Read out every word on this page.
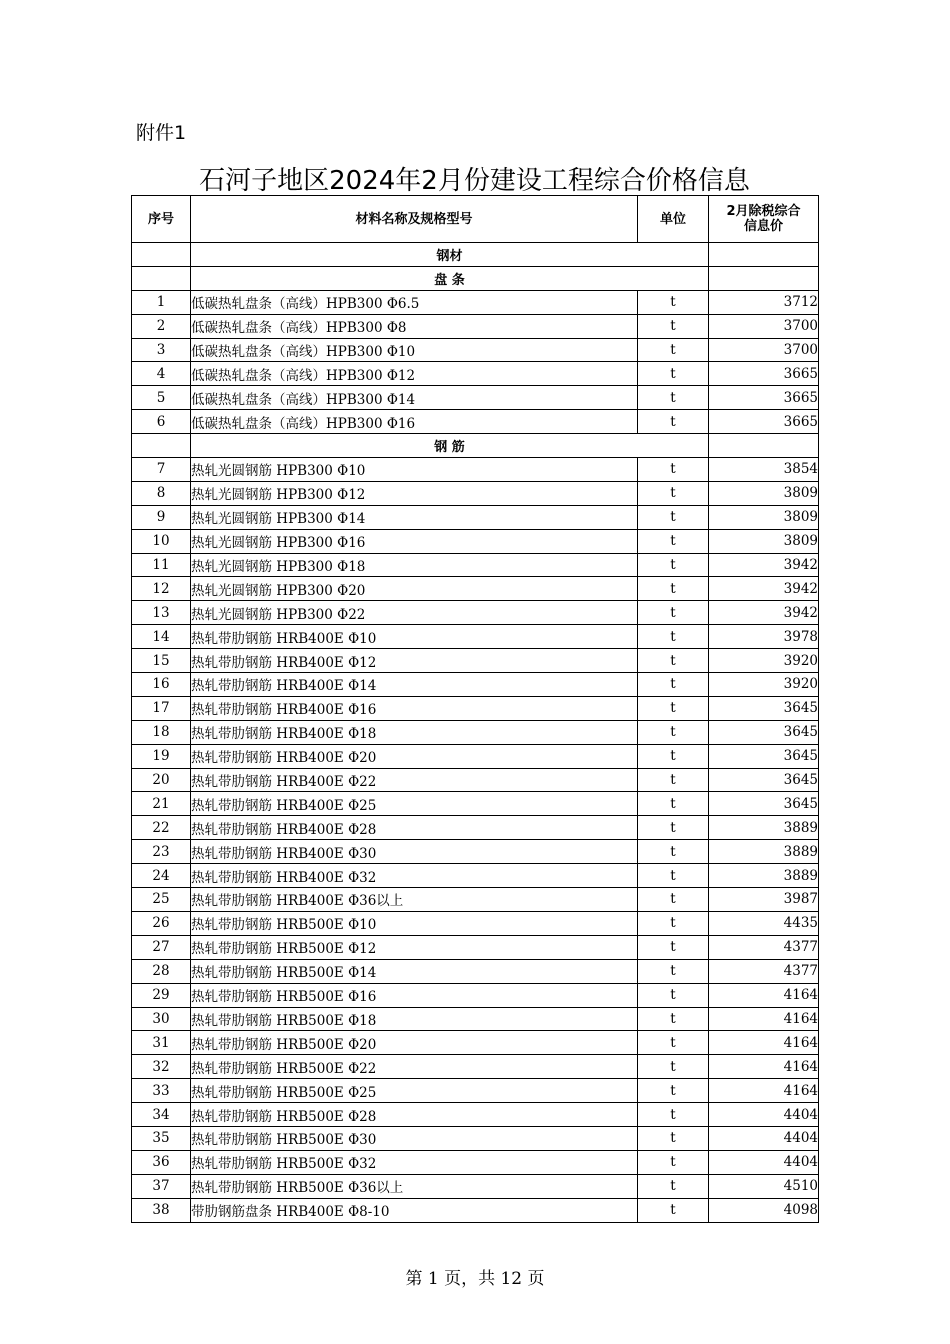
附件1
石河子地区2024年2月份建设工程综合价格信息
序号	材料名称及规格型号	单位	2月除税综合
信息价

	钢材		
	盘 条		
1	低碳热轧盘条（高线）HPB300 Φ6.5	t	3712
2	低碳热轧盘条（高线）HPB300 Φ8	t	3700
3	低碳热轧盘条（高线）HPB300 Φ10	t	3700
4	低碳热轧盘条（高线）HPB300 Φ12	t	3665
5	低碳热轧盘条（高线）HPB300 Φ14	t	3665
6	低碳热轧盘条（高线）HPB300 Φ16	t	3665
	钢 筋		
7	热轧光圆钢筋 HPB300 Φ10	t	3854
8	热轧光圆钢筋 HPB300 Φ12	t	3809
9	热轧光圆钢筋 HPB300 Φ14	t	3809
10	热轧光圆钢筋 HPB300 Φ16	t	3809
11	热轧光圆钢筋 HPB300 Φ18	t	3942
12	热轧光圆钢筋 HPB300 Φ20	t	3942
13	热轧光圆钢筋 HPB300 Φ22	t	3942
14	热轧带肋钢筋 HRB400E Φ10	t	3978
15	热轧带肋钢筋 HRB400E Φ12	t	3920
16	热轧带肋钢筋 HRB400E Φ14	t	3920
17	热轧带肋钢筋 HRB400E Φ16	t	3645
18	热轧带肋钢筋 HRB400E Φ18	t	3645
19	热轧带肋钢筋 HRB400E Φ20	t	3645
20	热轧带肋钢筋 HRB400E Φ22	t	3645
21	热轧带肋钢筋 HRB400E Φ25	t	3645
22	热轧带肋钢筋 HRB400E Φ28	t	3889
23	热轧带肋钢筋 HRB400E Φ30	t	3889
24	热轧带肋钢筋 HRB400E Φ32	t	3889
25	热轧带肋钢筋 HRB400E Φ36以上	t	3987
26	热轧带肋钢筋 HRB500E Φ10	t	4435
27	热轧带肋钢筋 HRB500E Φ12	t	4377
28	热轧带肋钢筋 HRB500E Φ14	t	4377
29	热轧带肋钢筋 HRB500E Φ16	t	4164
30	热轧带肋钢筋 HRB500E Φ18	t	4164
31	热轧带肋钢筋 HRB500E Φ20	t	4164
32	热轧带肋钢筋 HRB500E Φ22	t	4164
33	热轧带肋钢筋 HRB500E Φ25	t	4164
34	热轧带肋钢筋 HRB500E Φ28	t	4404
35	热轧带肋钢筋 HRB500E Φ30	t	4404
36	热轧带肋钢筋 HRB500E Φ32	t	4404
37	热轧带肋钢筋 HRB500E Φ36以上	t	4510
38	带肋钢筋盘条 HRB400E Φ8-10	t	4098
第 1 页，共 12 页
